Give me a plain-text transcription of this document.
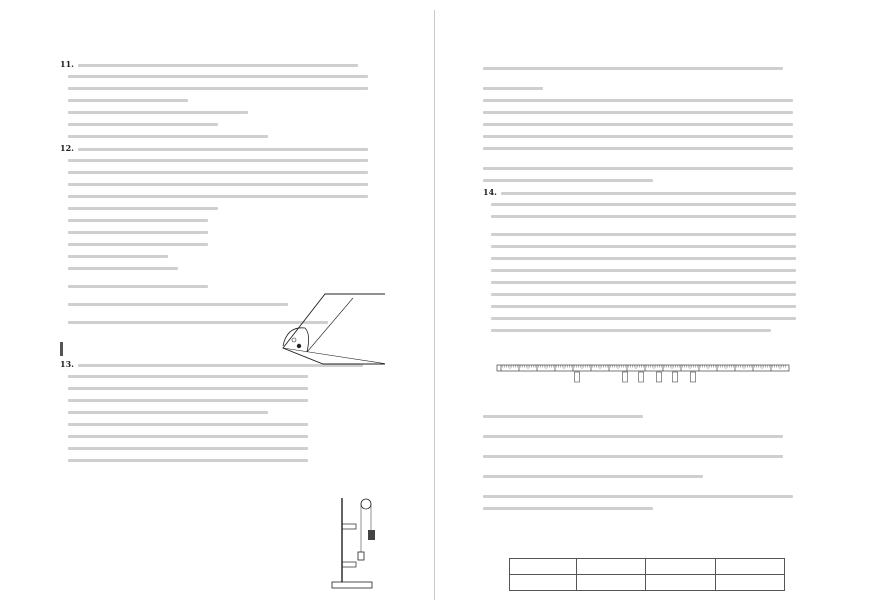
11.
12.
13.
14.
